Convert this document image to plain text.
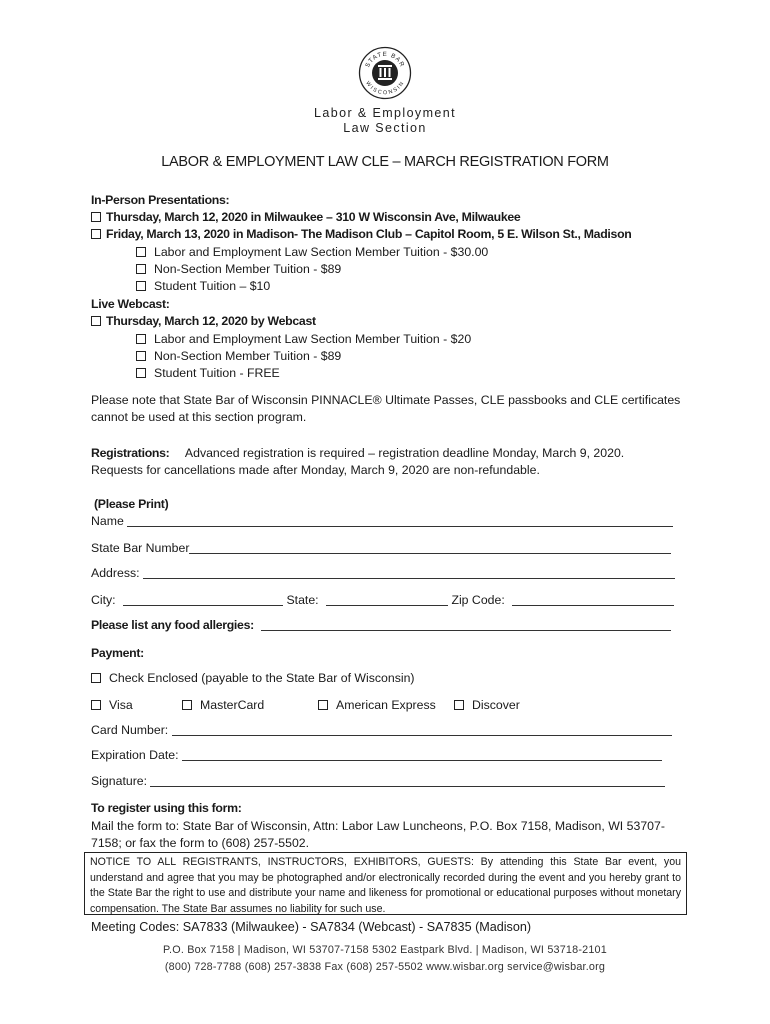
STATE BAR
WISCONSIN
Labor & Employment
Law Section
LABOR & EMPLOYMENT LAW CLE – MARCH REGISTRATION FORM
In-Person Presentations:
Thursday, March 12, 2020 in Milwaukee – 310 W Wisconsin Ave, Milwaukee
Friday, March 13, 2020 in Madison- The Madison Club – Capitol Room, 5 E. Wilson St., Madison
Labor and Employment Law Section Member Tuition - $30.00
Non-Section Member Tuition - $89
Student Tuition – $10
Live Webcast:
Thursday, March 12, 2020 by Webcast
Labor and Employment Law Section Member Tuition - $20
Non-Section Member Tuition - $89
Student Tuition - FREE
Please note that State Bar of Wisconsin PINNACLE® Ultimate Passes, CLE passbooks and CLE certificates
cannot be used at this section program.
Registrations: Advanced registration is required – registration deadline Monday, March 9, 2020.
Requests for cancellations made after Monday, March 9, 2020 are non-refundable.
(Please Print)
Name
State Bar Number
Address:
City:	State:	Zip Code:
Please list any food allergies:
Payment:
Check Enclosed (payable to the State Bar of Wisconsin)
Visa	MasterCard	American Express	Discover
Card Number:
Expiration Date:
Signature:
To register using this form:
Mail the form to: State Bar of Wisconsin, Attn: Labor Law Luncheons, P.O. Box 7158, Madison, WI 53707-
7158; or fax the form to (608) 257-5502.
NOTICE TO ALL REGISTRANTS, INSTRUCTORS, EXHIBITORS, GUESTS: By attending this State Bar event, you understand and agree that you may be photographed and/or electronically recorded during the event and you hereby grant to the State Bar the right to use and distribute your name and likeness for promotional or educational purposes without monetary compensation. The State Bar assumes no liability for such use.
Meeting Codes: SA7833 (Milwaukee) - SA7834 (Webcast) - SA7835 (Madison)
P.O. Box 7158 | Madison, WI 53707-7158 5302 Eastpark Blvd. | Madison, WI 53718-2101
(800) 728-7788 (608) 257-3838 Fax (608) 257-5502 www.wisbar.org service@wisbar.org
